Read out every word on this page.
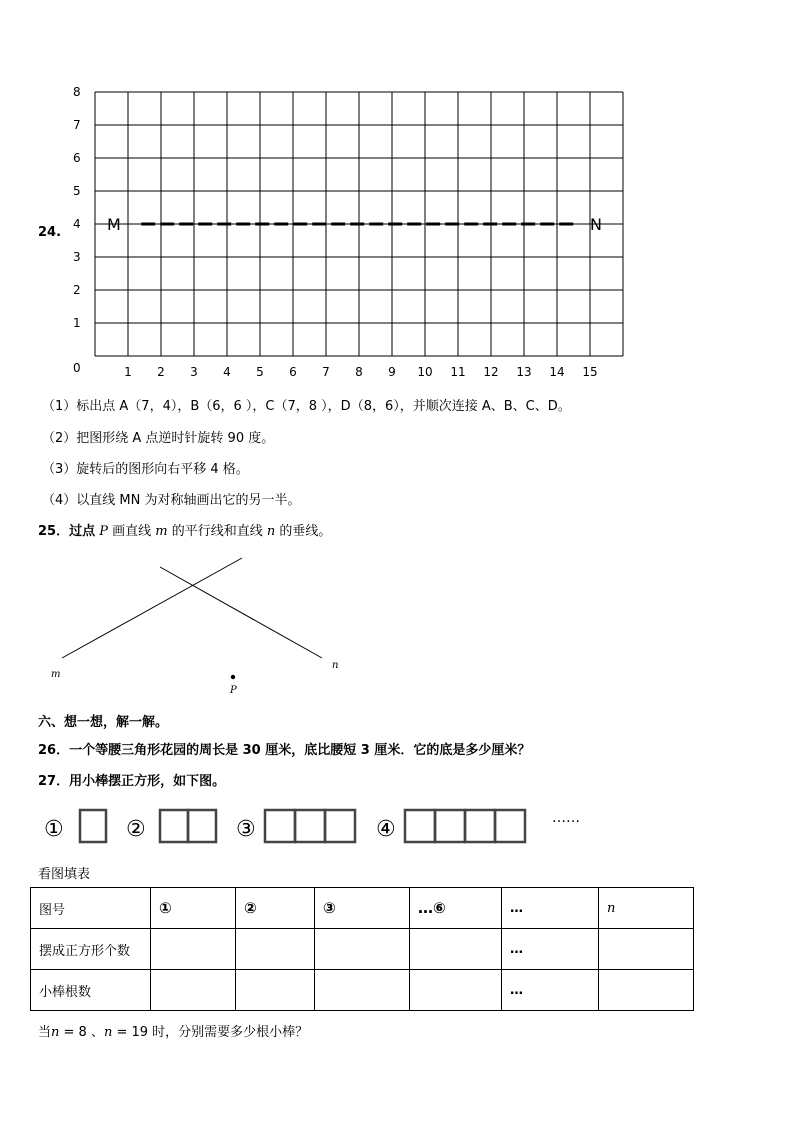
24.
0
1
2
3
4
5
6
7
8
1 2 3 4 5 6 7 8 9 10 11 12 13 14 15
M	N
（1）标出点 A（7，4），B（6，6 ），C（7，8 ），D（8，6），并顺次连接 A、B、C、D。
（2）把图形绕 A 点逆时针旋转 90 度。
（3）旋转后的图形向右平移 4 格。
（4）以直线 MN 为对称轴画出它的另一半。
25．过点 P 画直线 m 的平行线和直线 n 的垂线。
m
n
P
六、想一想，解一解。
26．一个等腰三角形花园的周长是 30 厘米，底比腰短 3 厘米．它的底是多少厘米？
27．用小棒摆正方形，如下图。
①	②	③	④	……
看图填表
图号	①	②	③	…⑥	…	n
摆成正方形个数					…	
小棒根数					…	
当n = 8 、n = 19 时，分别需要多少根小棒？
